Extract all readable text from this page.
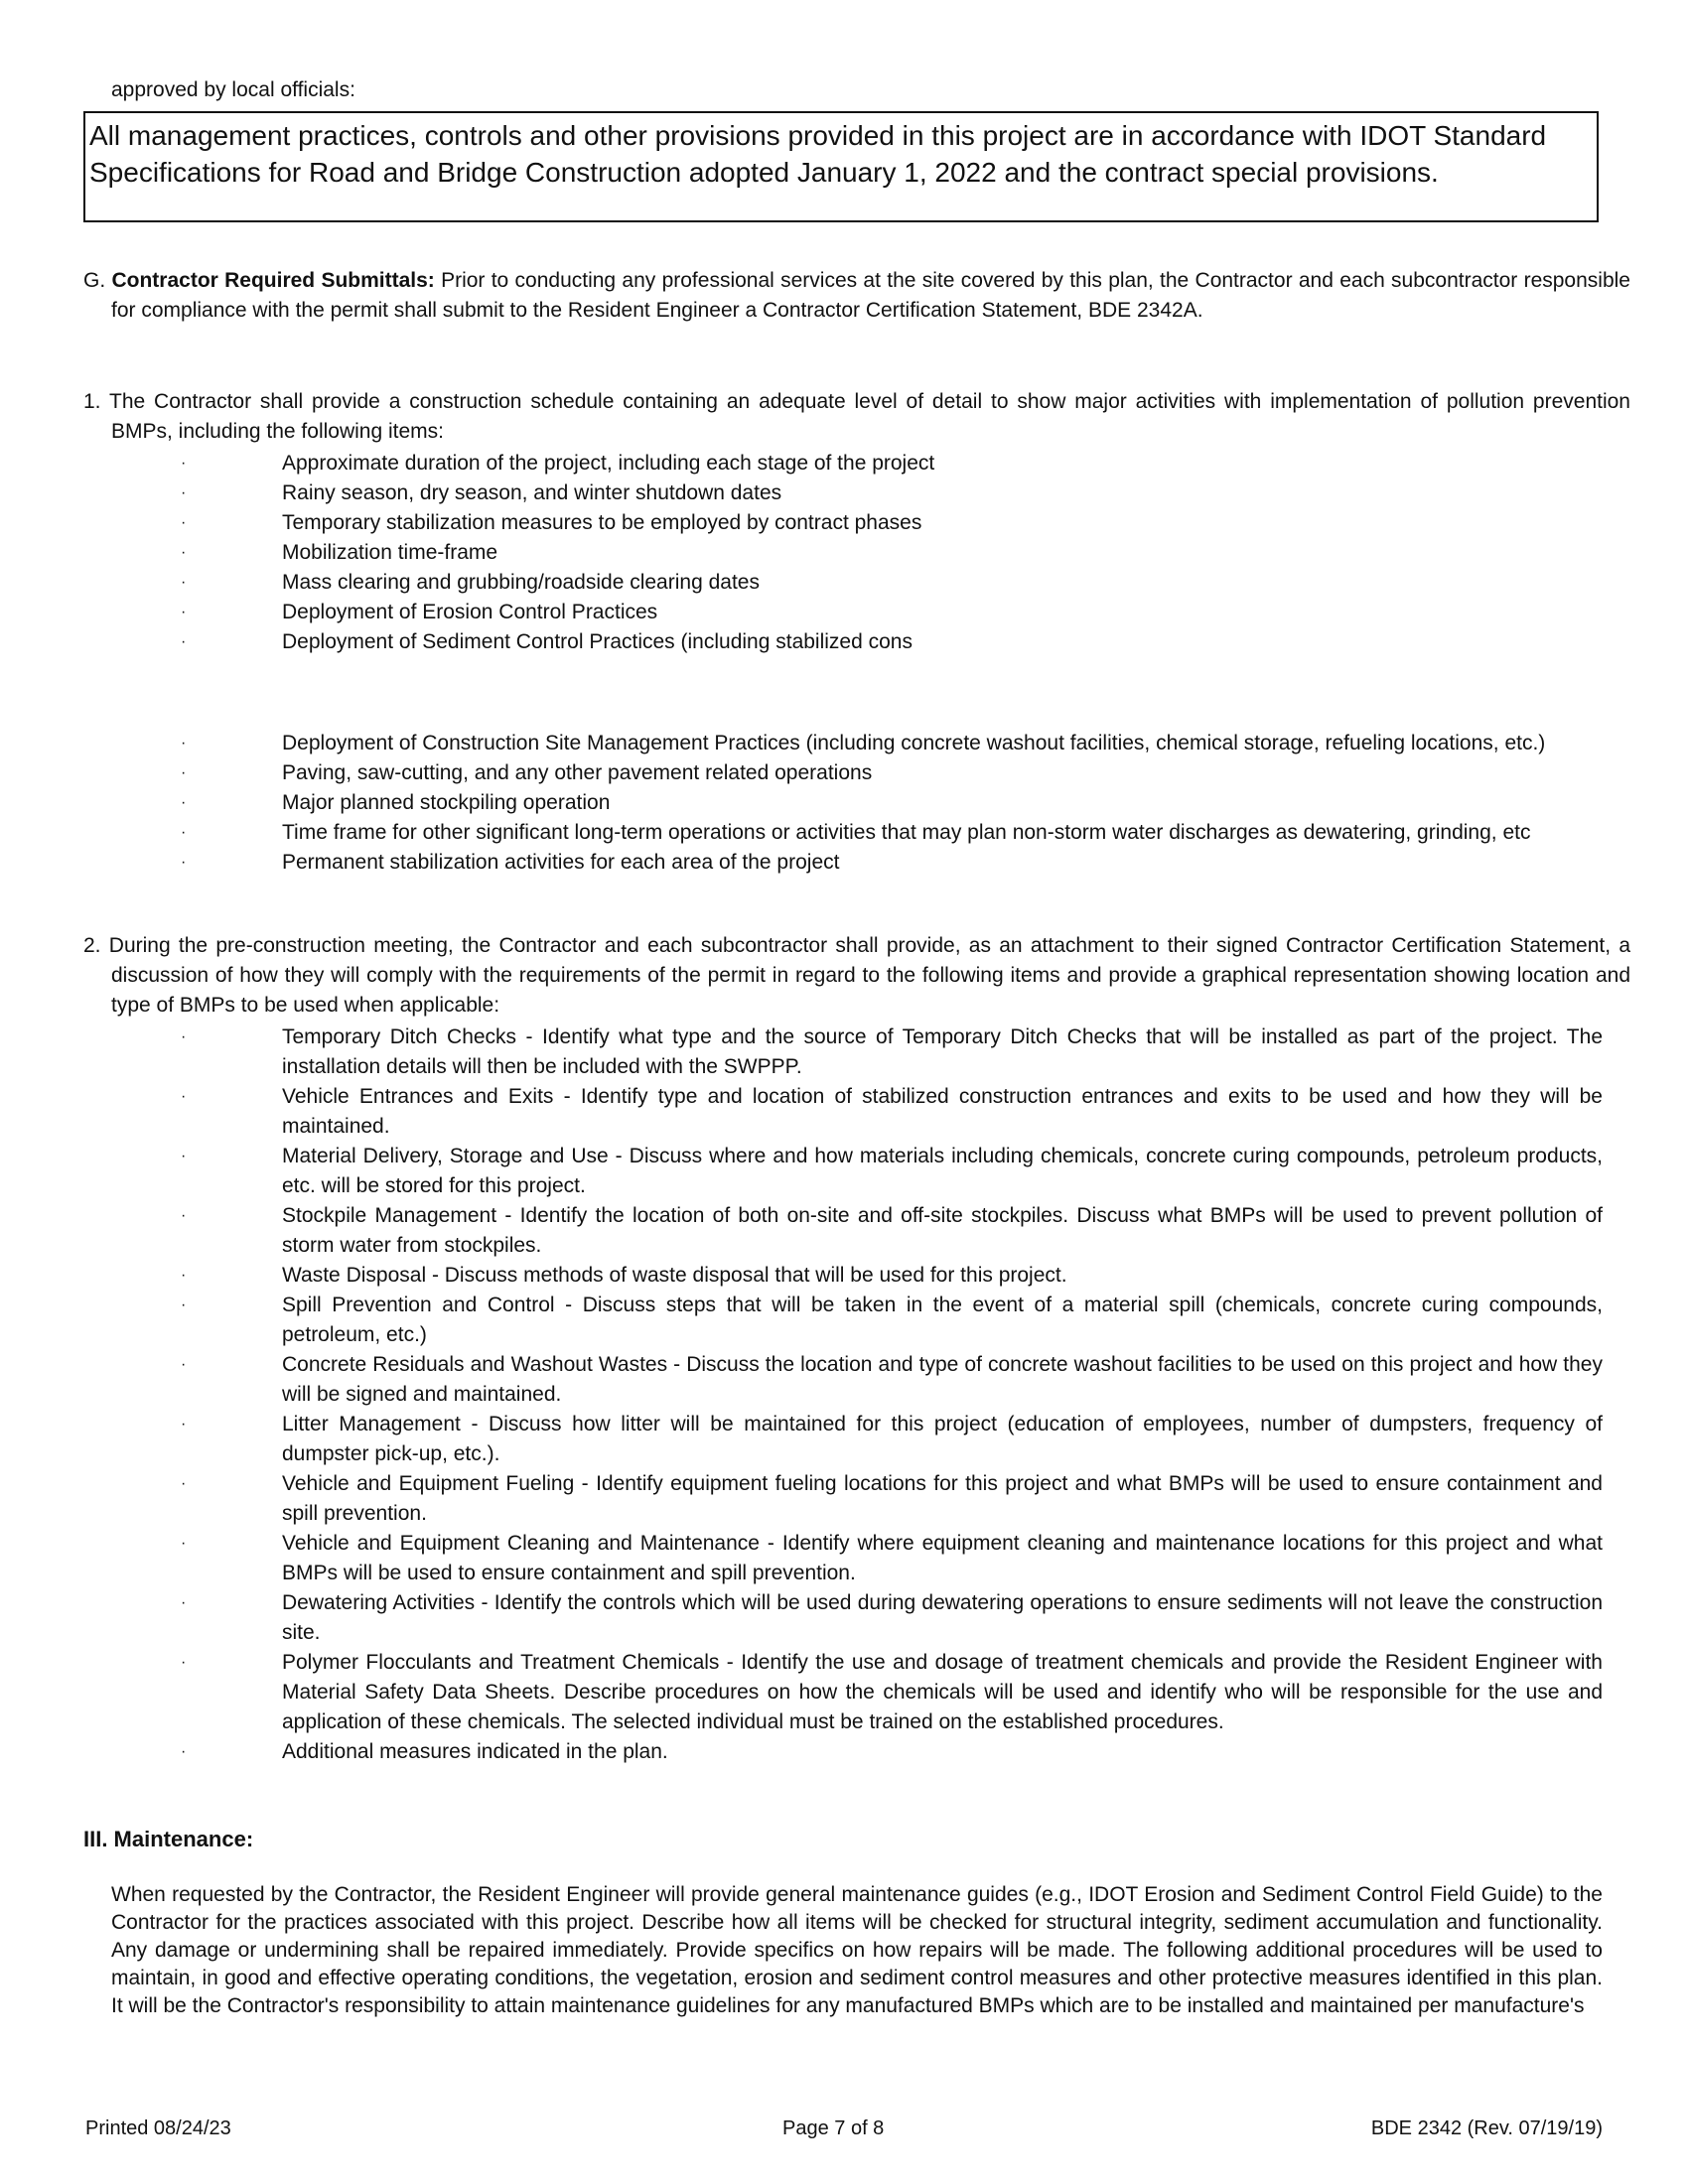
approved by local officials:
All management practices, controls and other provisions provided in this project are in accordance with IDOT Standard Specifications for Road and Bridge Construction adopted January 1, 2022 and the contract special provisions.
G. Contractor Required Submittals: Prior to conducting any professional services at the site covered by this plan, the Contractor and each subcontractor responsible for compliance with the permit shall submit to the Resident Engineer a Contractor Certification Statement, BDE 2342A.
1. The Contractor shall provide a construction schedule containing an adequate level of detail to show major activities with implementation of pollution prevention BMPs, including the following items:
·	Approximate duration of the project, including each stage of the project
·	Rainy season, dry season, and winter shutdown dates
·	Temporary stabilization measures to be employed by contract phases
·	Mobilization time-frame
·	Mass clearing and grubbing/roadside clearing dates
·	Deployment of Erosion Control Practices
·	Deployment of Sediment Control Practices (including stabilized cons
·	Deployment of Construction Site Management Practices (including concrete washout facilities, chemical storage, refueling locations, etc.)
·	Paving, saw-cutting, and any other pavement related operations
·	Major planned stockpiling operation
·	Time frame for other significant long-term operations or activities that may plan non-storm water discharges as dewatering, grinding, etc
·	Permanent stabilization activities for each area of the project
2. During the pre-construction meeting, the Contractor and each subcontractor shall provide, as an attachment to their signed Contractor Certification Statement, a discussion of how they will comply with the requirements of the permit in regard to the following items and provide a graphical representation showing location and type of BMPs to be used when applicable:
·	Temporary Ditch Checks - Identify what type and the source of Temporary Ditch Checks that will be installed as part of the project. The installation details will then be included with the SWPPP.
·	Vehicle Entrances and Exits - Identify type and location of stabilized construction entrances and exits to be used and how they will be maintained.
·	Material Delivery, Storage and Use - Discuss where and how materials including chemicals, concrete curing compounds, petroleum products, etc. will be stored for this project.
·	Stockpile Management - Identify the location of both on-site and off-site stockpiles. Discuss what BMPs will be used to prevent pollution of storm water from stockpiles.
·	Waste Disposal - Discuss methods of waste disposal that will be used for this project.
·	Spill Prevention and Control - Discuss steps that will be taken in the event of a material spill (chemicals, concrete curing compounds, petroleum, etc.)
·	Concrete Residuals and Washout Wastes - Discuss the location and type of concrete washout facilities to be used on this project and how they will be signed and maintained.
·	Litter Management - Discuss how litter will be maintained for this project (education of employees, number of dumpsters, frequency of dumpster pick-up, etc.).
·	Vehicle and Equipment Fueling - Identify equipment fueling locations for this project and what BMPs will be used to ensure containment and spill prevention.
·	Vehicle and Equipment Cleaning and Maintenance - Identify where equipment cleaning and maintenance locations for this project and what BMPs will be used to ensure containment and spill prevention.
·	Dewatering Activities - Identify the controls which will be used during dewatering operations to ensure sediments will not leave the construction site.
·	Polymer Flocculants and Treatment Chemicals - Identify the use and dosage of treatment chemicals and provide the Resident Engineer with Material Safety Data Sheets. Describe procedures on how the chemicals will be used and identify who will be responsible for the use and application of these chemicals. The selected individual must be trained on the established procedures.
·	Additional measures indicated in the plan.
III. Maintenance:
When requested by the Contractor, the Resident Engineer will provide general maintenance guides (e.g., IDOT Erosion and Sediment Control Field Guide) to the Contractor for the practices associated with this project. Describe how all items will be checked for structural integrity, sediment accumulation and functionality. Any damage or undermining shall be repaired immediately. Provide specifics on how repairs will be made. The following additional procedures will be used to maintain, in good and effective operating conditions, the vegetation, erosion and sediment control measures and other protective measures identified in this plan. It will be the Contractor's responsibility to attain maintenance guidelines for any manufactured BMPs which are to be installed and maintained per manufacture's
Printed 08/24/23	Page 7 of 8	BDE 2342 (Rev. 07/19/19)
